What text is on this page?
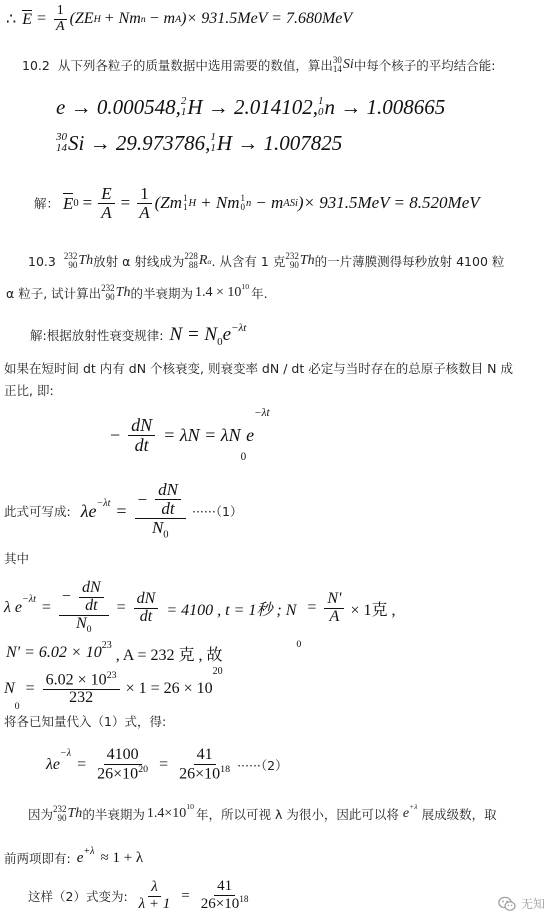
∴ $E = \frac{1}{A} (ZE$ H + Nm n − m A )× 931.5MeV = 7.680MeV
10.2 从下列各粒子的质量数据中选用需要的数值，算出 30
14 Si 中每个核子的平均结合能:
e → 0.000548, 2
1 H → 2.014102, 1
0 n → 1.008665
30
14 Si → 29.973786, 1
1 H → 1.007825
解： E $0 = \frac{E}{A} = \frac{1}{A} (Zm$ 1
1 H + Nm 1
0 n − m ASi )× 931.5MeV = 8.520MeV
10.3 232
90 Th 放射 α 射线成为 228
88 R α . 从含有 1 克 232
90 Th 的一片薄膜测得每秒放射 4100 粒
α 粒子, 试计算出 232
90 Th 的半衰期为 $1.4 \times 10^{10}$ 年.
解:根据放射性衰变规律: $N = N_0$ $e^{-\lambda t}$
如果在短时间 dt 内有 dN 个核衰变, 则衰变率 dN / dt 必定与当时存在的总原子核数目 N 成
正比, 即:
− $\frac{dN}{dt} = \lambda N = \lambda N$
0
e
−λt
此式可写成: $\lambda e^{-\lambda t} = \frac{- \frac{dN}{dt}}{N_0} \cdot\cdot\cdot\cdot\cdot\cdot(1)$
其中
λ $e^{-\lambda t} = \frac{- \frac{dN}{dt}}{N_0} = \frac{dN}{dt} = 4100$ , t = 1秒 ; N
0
= $\frac{N'}{A} \times 1$克 ,
$N' = 6.02 \times 10^{23}$
, A = 232 克 , 故
N
0
= $\frac{6.02 \times 10^{23}}{232} \times 1 = 26 \times 10$
20
将各已知量代入（1）式，得:
λe
$^{-\lambda}$
= $\frac{4100}{26\times 10^{20}} = \frac{41}{26\times 10^{18}} \cdot\cdot\cdot\cdot\cdot\cdot(2)$
因为 232
90 Th 的半衰期为 $1.4\times 10^{10}$
年，所以可视 λ 为很小，因此可以将 $e^{+\lambda}$
展成级数，取
前两项即有: $e^{+\lambda} \approx 1 + \lambda$
这样（2）式变为: $\frac{\lambda}{\lambda + 1} = \frac{41}{26\times 10^{18}}$	无知
